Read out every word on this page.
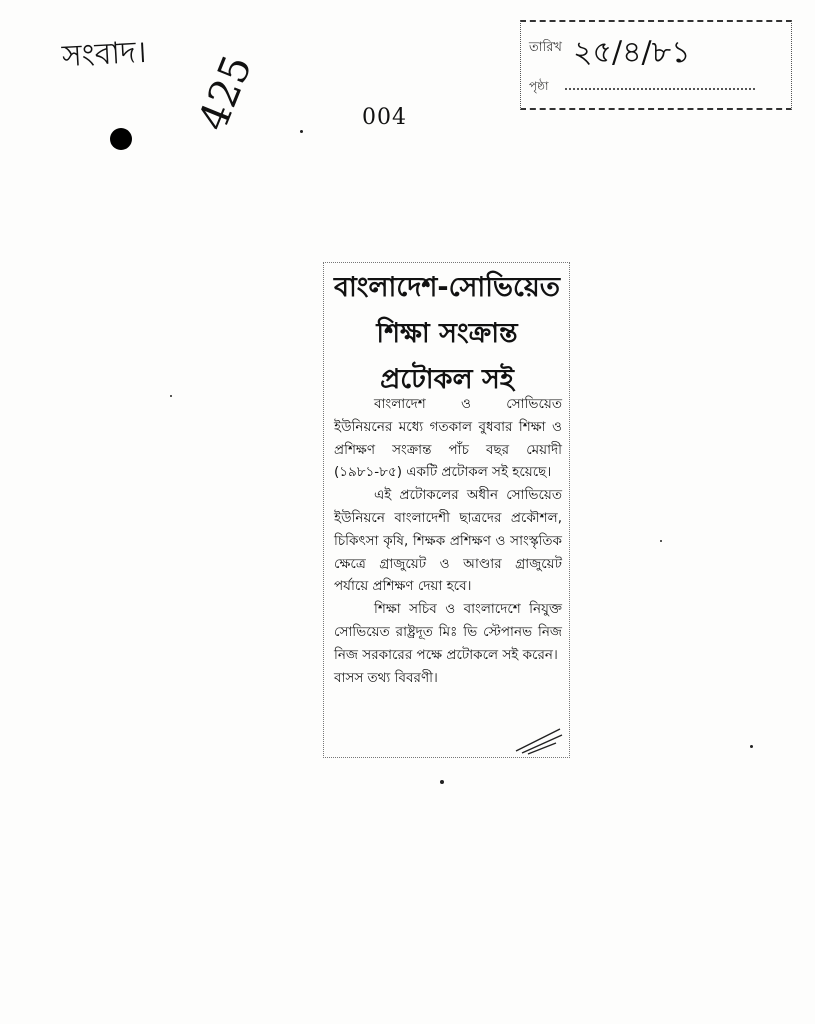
সংবাদ। 425	004
তারিখ ২৫/৪/৮১
পৃষ্ঠা
বাংলাদেশ-সোভিয়েত
শিক্ষা সংক্রান্ত
প্রটোকল সই

বাংলাদেশ ও সোভিয়েত ইউনিয়নের মধ্যে গতকাল বুধবার শিক্ষা ও প্রশিক্ষণ সংক্রান্ত পাঁচ বছর মেয়াদী (১৯৮১-৮৫) একটি প্রটোকল সই হয়েছে।

এই প্রটোকলের অধীন সোভিয়েত ইউনিয়নে বাংলাদেশী ছাত্রদের প্রকৌশল, চিকিৎসা কৃষি, শিক্ষক প্রশিক্ষণ ও সাংস্কৃতিক ক্ষেত্রে গ্রাজুয়েট ও আণ্ডার গ্রাজুয়েট পর্যায়ে প্রশিক্ষণ দেয়া হবে।

শিক্ষা সচিব ও বাংলাদেশে নিযুক্ত সোভিয়েত রাষ্ট্রদূত মিঃ ভি স্টেপানভ নিজ নিজ সরকারের পক্ষে প্রটোকলে সই করেন।

বাসস তথ্য বিবরণী।
